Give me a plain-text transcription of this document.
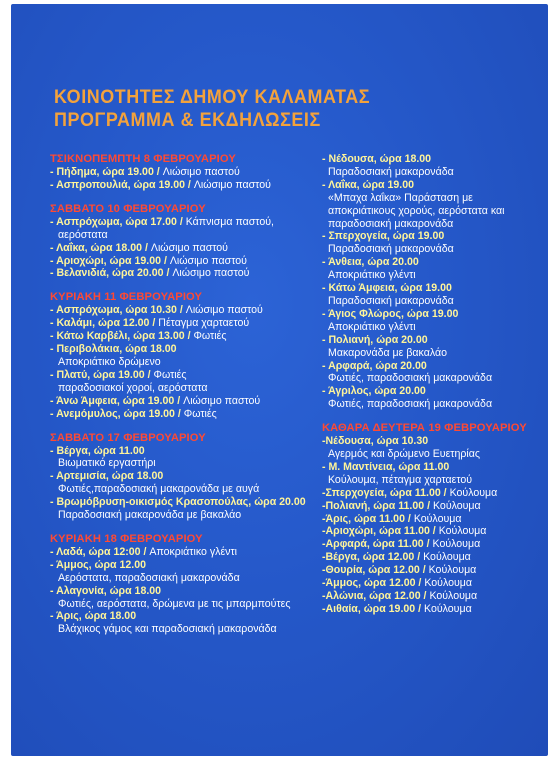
ΚΟΙΝΟΤΗΤΕΣ ΔΗΜΟΥ ΚΑΛΑΜΑΤΑΣ
ΠΡΟΓΡΑΜΜΑ & ΕΚΔΗΛΩΣΕΙΣ
ΤΣΙΚΝΟΠΕΜΠΤΗ 8 ΦΕΒΡΟΥΑΡΙΟΥ
- Πήδημα, ώρα 19.00 / Λιώσιμο παστού
- Ασπροπουλιά, ώρα 19.00 / Λιώσιμο παστού
ΣΑΒΒΑΤΟ 10 ΦΕΒΡΟΥΑΡΙΟΥ
- Ασπρόχωμα, ώρα 17.00 / Κάπνισμα παστού,
αερόστατα
- Λαΐκα, ώρα 18.00 / Λιώσιμο παστού
- Αριοχώρι, ώρα 19.00 / Λιώσιμο παστού
- Βελανιδιά, ώρα 20.00 / Λιώσιμο παστού
ΚΥΡΙΑΚΗ 11 ΦΕΒΡΟΥΑΡΙΟΥ
- Ασπρόχωμα, ώρα 10.30 / Λιώσιμο παστού
- Καλάμι, ώρα 12.00 / Πέταγμα χαρταετού
- Κάτω Καρβέλι, ώρα 13.00 / Φωτιές
- Περιβολάκια, ώρα 18.00
Αποκριάτικο δρώμενο
- Πλατύ, ώρα 19.00 / Φωτιές
παραδοσιακοί χοροί, αερόστατα
- Άνω Άμφεια, ώρα 19.00 / Λιώσιμο παστού
- Ανεμόμυλος, ώρα 19.00 / Φωτιές
ΣΑΒΒΑΤΟ 17 ΦΕΒΡΟΥΑΡΙΟΥ
- Βέργα, ώρα 11.00
Βιωματικό εργαστήρι
- Αρτεμισία, ώρα 18.00
Φωτιές,παραδοσιακή μακαρονάδα με αυγά
- Βρωμόβρυση-οικισμός Κρασοπούλας, ώρα 20.00
Παραδοσιακή μακαρονάδα με βακαλάο
ΚΥΡΙΑΚΗ 18 ΦΕΒΡΟΥΑΡΙΟΥ
- Λαδά, ώρα 12:00 / Αποκριάτικο γλέντι
- Άμμος, ώρα 12.00
Αερόστατα, παραδοσιακή μακαρονάδα
- Αλαγονία, ώρα 18.00
Φωτιές, αερόστατα, δρώμενα με τις μπαρμπούτες
- Άρις, ώρα 18.00
Βλάχικος γάμος και παραδοσιακή μακαρονάδα
- Νέδουσα, ώρα 18.00
Παραδοσιακή μακαρονάδα
- Λαΐκα, ώρα 19.00
«Μπαχα λαΐκα» Παράσταση με αποκριάτικους χορούς, αερόστατα και παραδοσιακή μακαρονάδα
- Σπερχογεία, ώρα 19.00
Παραδοσιακή μακαρονάδα
- Άνθεια, ώρα 20.00
Αποκριάτικο γλέντι
- Κάτω Άμφεια, ώρα 19.00
Παραδοσιακή μακαρονάδα
- Άγιος Φλώρος, ώρα 19.00
Αποκριάτικο γλέντι
- Πολιανή, ώρα 20.00
Μακαρονάδα με βακαλάο
- Αρφαρά, ώρα 20.00
Φωτιές, παραδοσιακή μακαρονάδα
- Άγριλος, ώρα 20.00
Φωτιές, παραδοσιακή μακαρονάδα
ΚΑΘΑΡΑ ΔΕΥΤΕΡΑ 19 ΦΕΒΡΟΥΑΡΙΟΥ
-Νέδουσα, ώρα 10.30
Αγερμός και δρώμενο Ευετηρίας
- Μ. Μαντίνεια, ώρα 11.00
Κούλουμα, πέταγμα χαρταετού
-Σπερχογεία, ώρα 11.00 / Κούλουμα
-Πολιανή, ώρα 11.00 / Κούλουμα
-Άρις, ώρα 11.00 / Κούλουμα
-Αριοχώρι, ώρα 11.00 / Κούλουμα
-Αρφαρά, ώρα 11.00 / Κούλουμα
-Βέργα, ώρα 12.00 / Κούλουμα
-Θουρία, ώρα 12.00 / Κούλουμα
-Άμμος, ώρα 12.00 / Κούλουμα
-Αλώνια, ώρα 12.00 / Κούλουμα
-Αιθαία, ώρα 19.00 / Κούλουμα
